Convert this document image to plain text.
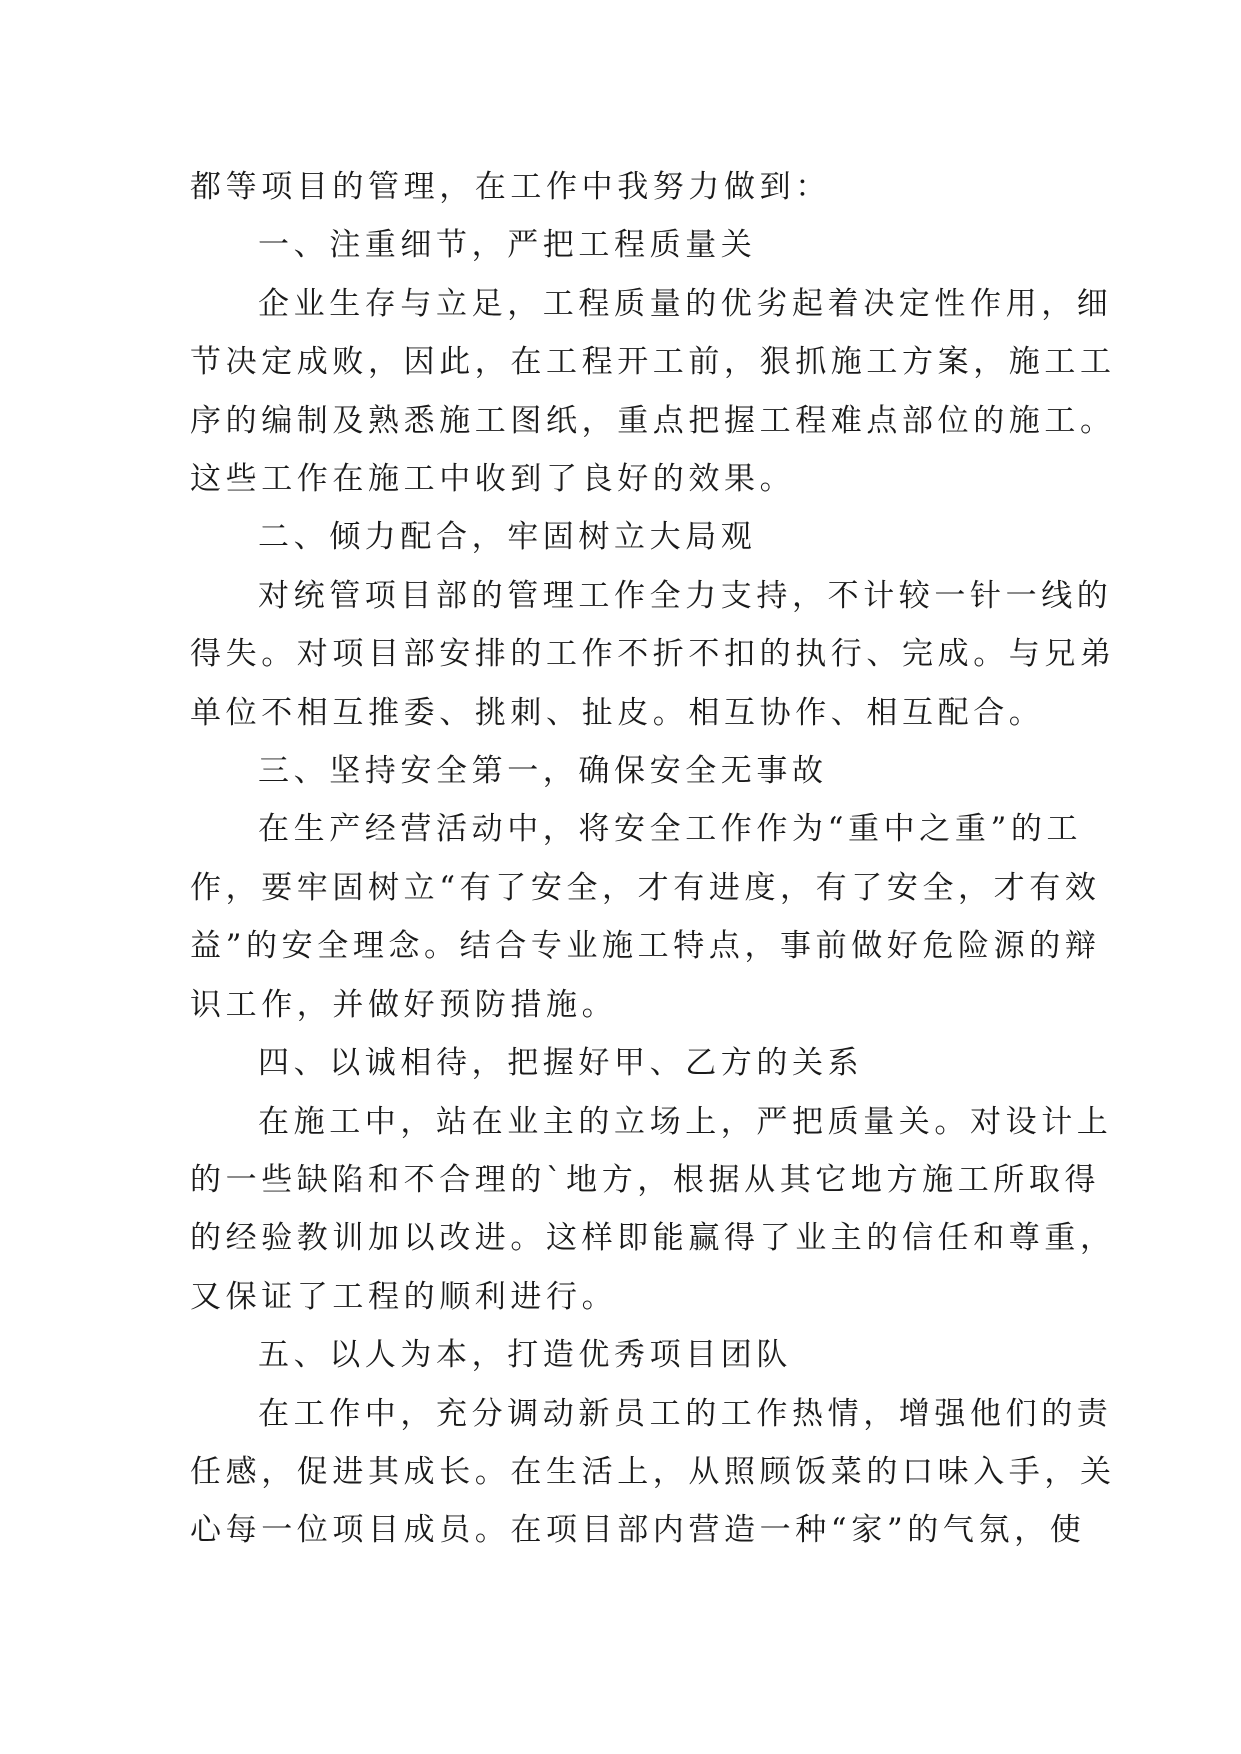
都等项目的管理，在工作中我努力做到：

一、注重细节，严把工程质量关

企业生存与立足，工程质量的优劣起着决定性作用，细

节决定成败，因此，在工程开工前，狠抓施工方案，施工工

序的编制及熟悉施工图纸，重点把握工程难点部位的施工。

这些工作在施工中收到了良好的效果。

二、倾力配合，牢固树立大局观

对统管项目部的管理工作全力支持，不计较一针一线的

得失。对项目部安排的工作不折不扣的执行、完成。与兄弟

单位不相互推委、挑刺、扯皮。相互协作、相互配合。

三、坚持安全第一，确保安全无事故

在生产经营活动中，将安全工作作为“重中之重”的工

作，要牢固树立“有了安全，才有进度，有了安全，才有效

益”的安全理念。结合专业施工特点，事前做好危险源的辩

识工作，并做好预防措施。

四、以诚相待，把握好甲、乙方的关系

在施工中，站在业主的立场上，严把质量关。对设计上

的一些缺陷和不合理的`地方，根据从其它地方施工所取得

的经验教训加以改进。这样即能赢得了业主的信任和尊重，

又保证了工程的顺利进行。

五、以人为本，打造优秀项目团队

在工作中，充分调动新员工的工作热情，增强他们的责

任感，促进其成长。在生活上，从照顾饭菜的口味入手，关

心每一位项目成员。在项目部内营造一种“家”的气氛，使
